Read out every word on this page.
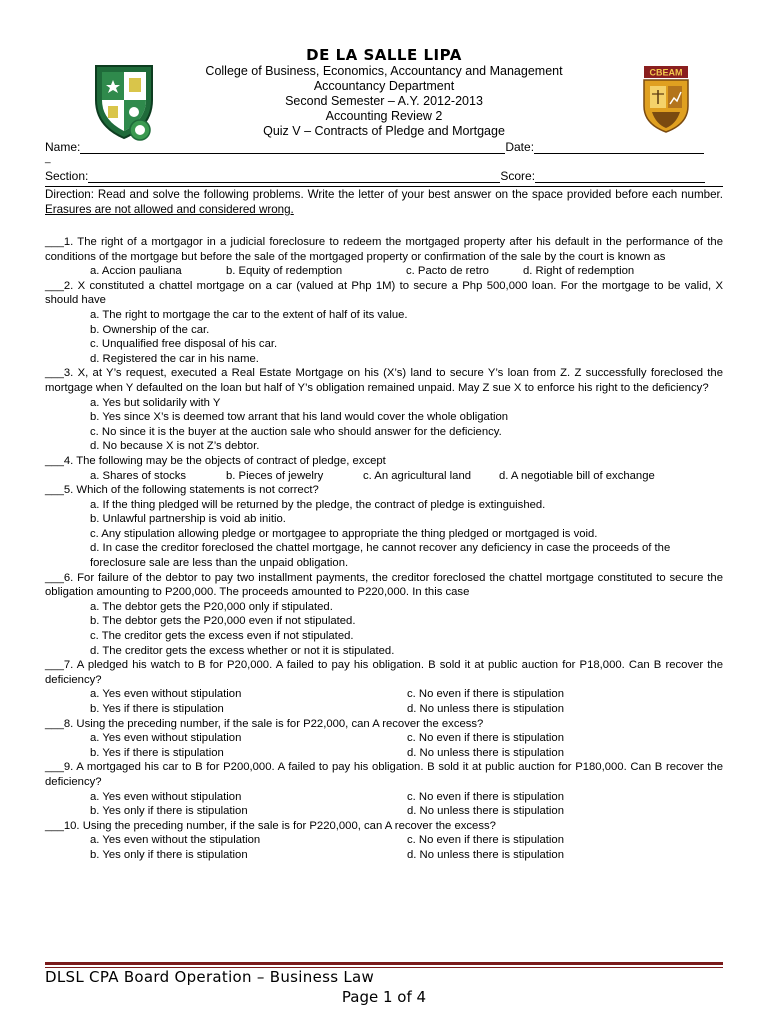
DE LA SALLE LIPA
College of Business, Economics, Accountancy and Management
Accountancy Department
Second Semester – A.Y. 2012-2013
Accounting Review 2
Quiz V – Contracts of Pledge and Mortgage
CBEAM
Name:	Date:
_
Section:	Score:
Direction: Read and solve the following problems. Write the letter of your best answer on the space provided before each number. Erasures are not allowed and considered wrong.
___1. The right of a mortgagor in a judicial foreclosure to redeem the mortgaged property after his default in the performance of the conditions of the mortgage but before the sale of the mortgaged property or confirmation of the sale by the court is known as
a. Accion pauliana	b. Equity of redemption	c. Pacto de retro	d. Right of redemption
___2. X constituted a chattel mortgage on a car (valued at Php 1M) to secure a Php 500,000 loan. For the mortgage to be valid, X should have
a. The right to mortgage the car to the extent of half of its value.
b. Ownership of the car.
c. Unqualified free disposal of his car.
d. Registered the car in his name.
___3. X, at Y’s request, executed a Real Estate Mortgage on his (X’s) land to secure Y’s loan from Z. Z successfully foreclosed the mortgage when Y defaulted on the loan but half of Y’s obligation remained unpaid. May Z sue X to enforce his right to the deficiency?
a. Yes but solidarily with Y
b. Yes since X’s is deemed tow arrant that his land would cover the whole obligation
c. No since it is the buyer at the auction sale who should answer for the deficiency.
d. No because X is not Z’s debtor.
___4. The following may be the objects of contract of pledge, except
a. Shares of stocks	b. Pieces of jewelry	c. An agricultural land d. A negotiable bill of exchange
___5. Which of the following statements is not correct?
a. If the thing pledged will be returned by the pledge, the contract of pledge is extinguished.
b. Unlawful partnership is void ab initio.
c. Any stipulation allowing pledge or mortgagee to appropriate the thing pledged or mortgaged is void.
d. In case the creditor foreclosed the chattel mortgage, he cannot recover any deficiency in case the proceeds of the foreclosure sale are less than the unpaid obligation.
___6. For failure of the debtor to pay two installment payments, the creditor foreclosed the chattel mortgage constituted to secure the obligation amounting to P200,000. The proceeds amounted to P220,000. In this case
a. The debtor gets the P20,000 only if stipulated.
b. The debtor gets the P20,000 even if not stipulated.
c. The creditor gets the excess even if not stipulated.
d. The creditor gets the excess whether or not it is stipulated.
___7. A pledged his watch to B for P20,000. A failed to pay his obligation. B sold it at public auction for P18,000. Can B recover the deficiency?
a. Yes even without stipulation	c. No even if there is stipulation
b. Yes if there is stipulation	d. No unless there is stipulation
___8. Using the preceding number, if the sale is for P22,000, can A recover the excess?
a. Yes even without stipulation	c. No even if there is stipulation
b. Yes if there is stipulation	d. No unless there is stipulation
___9. A mortgaged his car to B for P200,000. A failed to pay his obligation. B sold it at public auction for P180,000. Can B recover the deficiency?
a. Yes even without stipulation	c. No even if there is stipulation
b. Yes only if there is stipulation	d. No unless there is stipulation
___10. Using the preceding number, if the sale is for P220,000, can A recover the excess?
a. Yes even without the stipulation	c. No even if there is stipulation
b. Yes only if there is stipulation	d. No unless there is stipulation
DLSL CPA Board Operation – Business Law
Page 1 of 4
